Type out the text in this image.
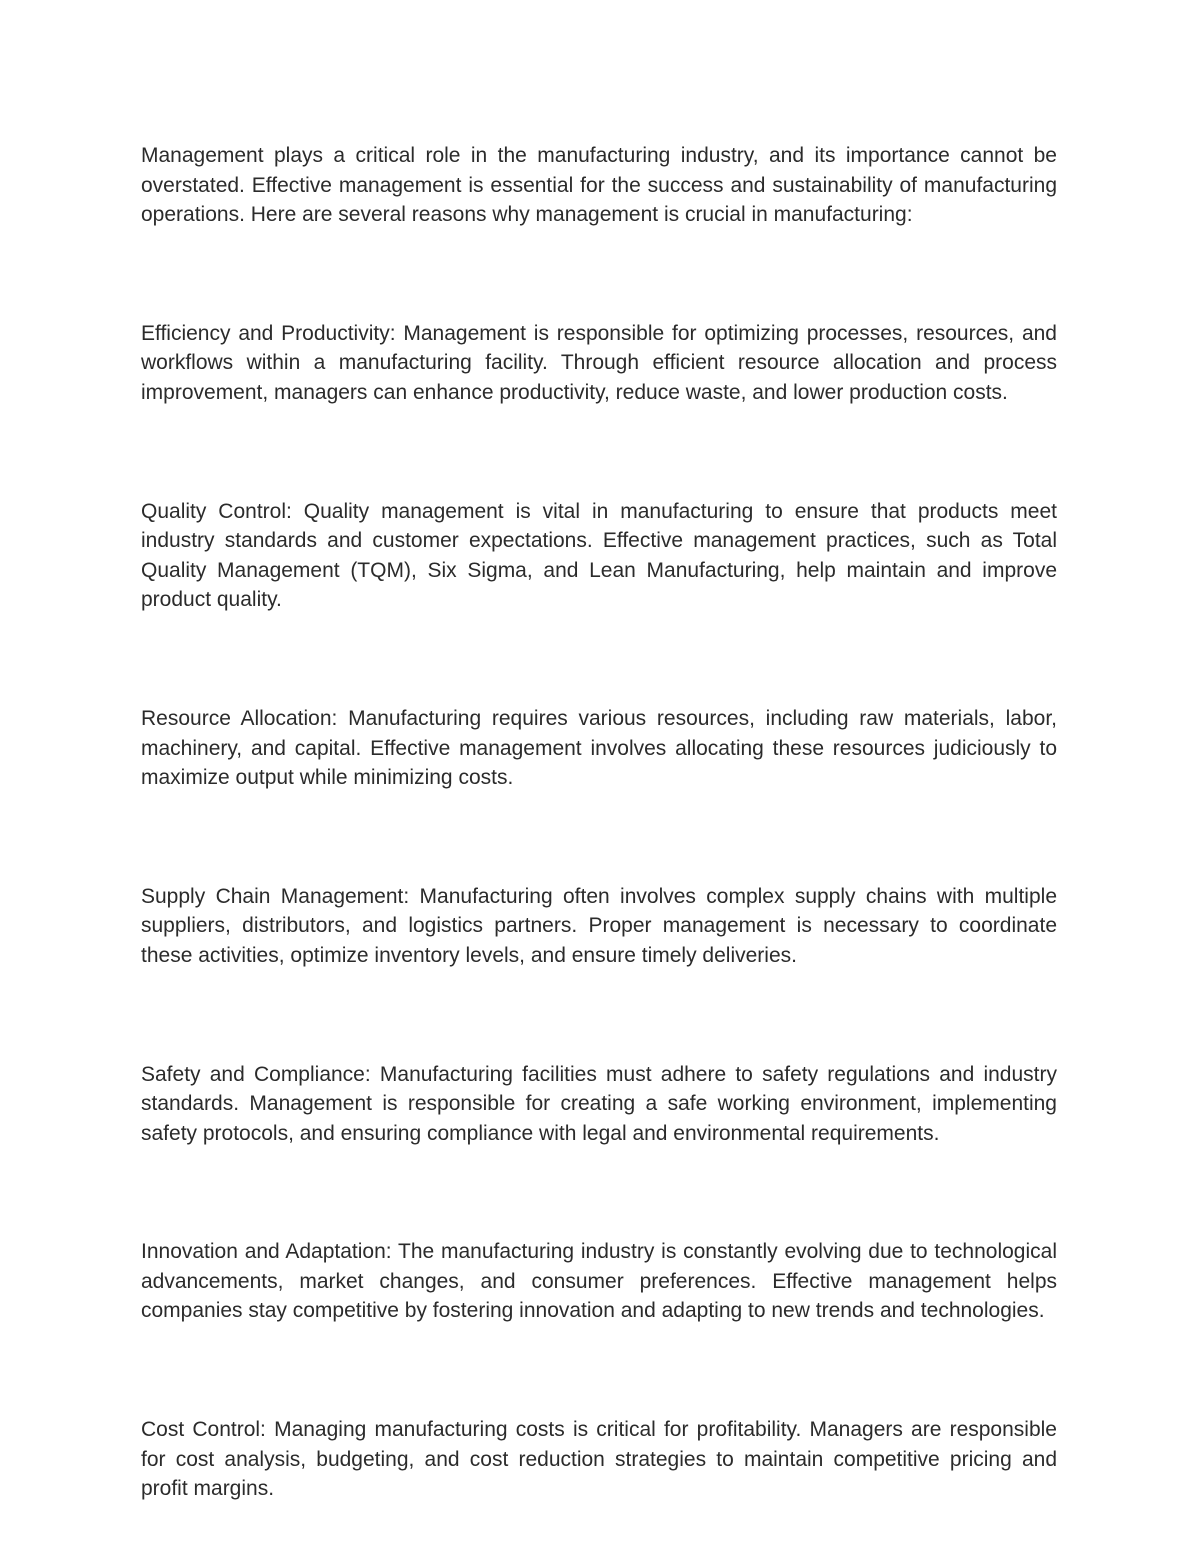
Management plays a critical role in the manufacturing industry, and its importance cannot be overstated. Effective management is essential for the success and sustainability of manufacturing operations. Here are several reasons why management is crucial in manufacturing:

Efficiency and Productivity: Management is responsible for optimizing processes, resources, and workflows within a manufacturing facility. Through efficient resource allocation and process improvement, managers can enhance productivity, reduce waste, and lower production costs.

Quality Control: Quality management is vital in manufacturing to ensure that products meet industry standards and customer expectations. Effective management practices, such as Total Quality Management (TQM), Six Sigma, and Lean Manufacturing, help maintain and improve product quality.

Resource Allocation: Manufacturing requires various resources, including raw materials, labor, machinery, and capital. Effective management involves allocating these resources judiciously to maximize output while minimizing costs.

Supply Chain Management: Manufacturing often involves complex supply chains with multiple suppliers, distributors, and logistics partners. Proper management is necessary to coordinate these activities, optimize inventory levels, and ensure timely deliveries.

Safety and Compliance: Manufacturing facilities must adhere to safety regulations and industry standards. Management is responsible for creating a safe working environment, implementing safety protocols, and ensuring compliance with legal and environmental requirements.

Innovation and Adaptation: The manufacturing industry is constantly evolving due to technological advancements, market changes, and consumer preferences. Effective management helps companies stay competitive by fostering innovation and adapting to new trends and technologies.

Cost Control: Managing manufacturing costs is critical for profitability. Managers are responsible for cost analysis, budgeting, and cost reduction strategies to maintain competitive pricing and profit margins.
